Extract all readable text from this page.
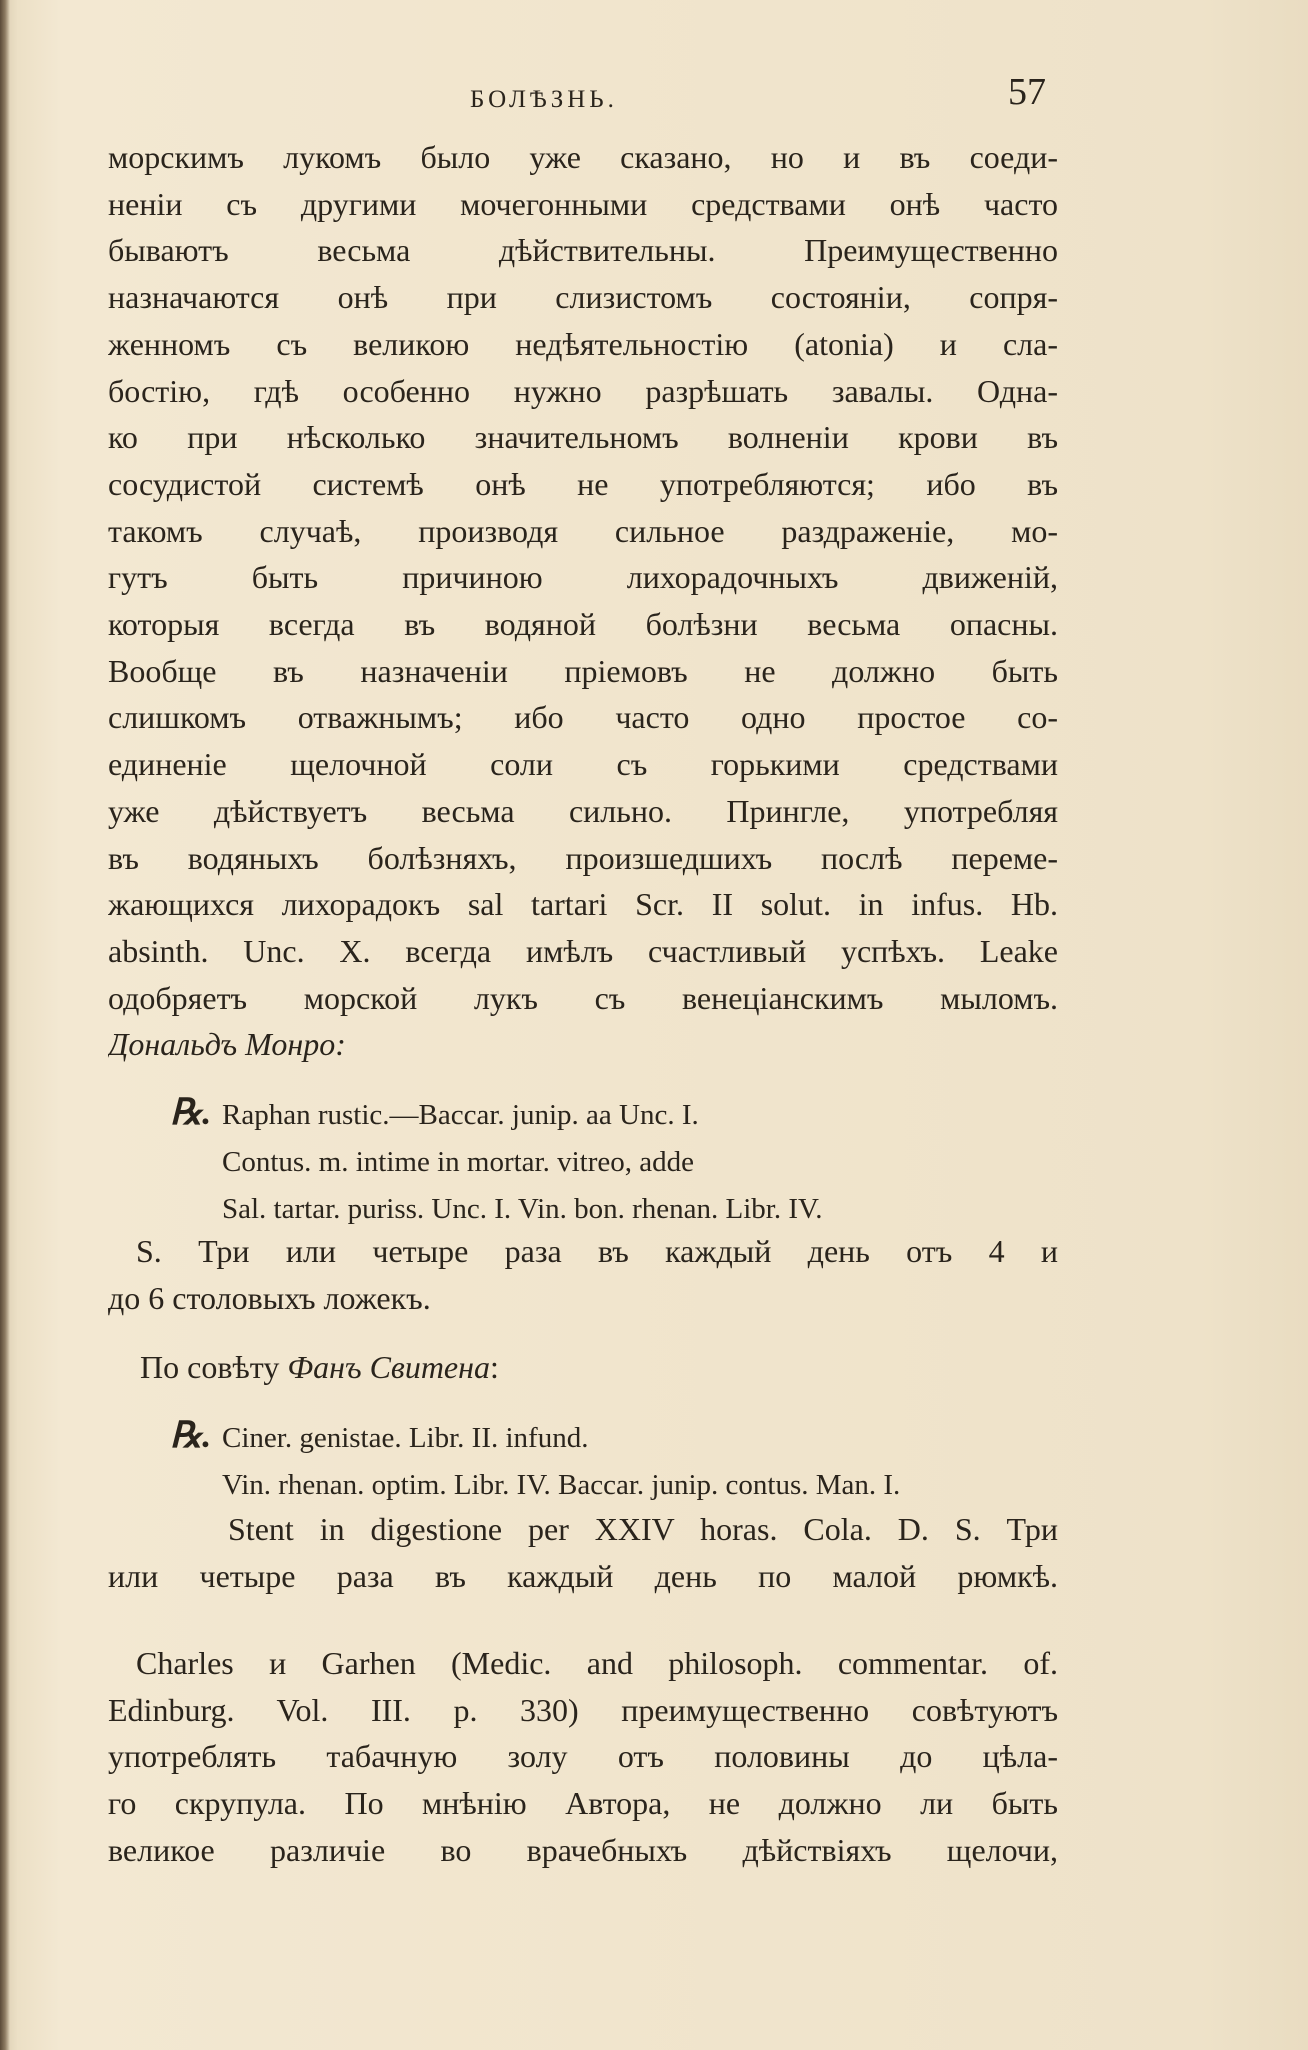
БОЛѢЗНЬ.	57
морскимъ лукомъ было уже сказано, но и въ соеди-
неніи съ другими мочегонными средствами онѣ часто
бываютъ весьма дѣйствительны. Преимущественно
назначаются онѣ при слизистомъ состояніи, сопря-
женномъ съ великою недѣятельностію (atonia) и сла-
бостію, гдѣ особенно нужно разрѣшать завалы. Одна-
ко при нѣсколько значительномъ волненіи крови въ
сосудистой системѣ онѣ не употребляются; ибо въ
такомъ случаѣ, производя сильное раздраженіе, мо-
гутъ быть причиною лихорадочныхъ движеній,
которыя всегда въ водяной болѣзни весьма опасны.
Вообще въ назначеніи пріемовъ не должно быть
слишкомъ отважнымъ; ибо часто одно простое со-
единеніе щелочной соли съ горькими средствами
уже дѣйствуетъ весьма сильно. Прингле, употребляя
въ водяныхъ болѣзняхъ, произшедшихъ послѣ переме-
жающихся лихорадокъ sal tartari Scr. II solut. in infus. Hb.
absinth. Unc. X. всегда имѣлъ счастливый успѣхъ. Leake
одобряетъ морской лукъ съ венеціанскимъ мыломъ.
Дональдъ Монро:
℞. Raphan rustic.—Baccar. junip. aa Unc. I.
Contus. m. intime in mortar. vitreo, adde
Sal. tartar. puriss. Unc. I. Vin. bon. rhenan. Libr. IV.
S. Три или четыре раза въ каждый день отъ 4 и
до 6 столовыхъ ложекъ.
По совѣту Фанъ Свитена:
℞. Ciner. genistae. Libr. II. infund.
Vin. rhenan. optim. Libr. IV. Baccar. junip. contus. Man. I.
Stent in digestione per XXIV horas. Cola. D. S. Три
или четыре раза въ каждый день по малой рюмкѣ.
Charles и Garhen (Medic. and philosoph. commentar. of.
Edinburg. Vol. III. p. 330) преимущественно совѣтуютъ
употреблять табачную золу отъ половины до цѣла-
го скрупула. По мнѣнію Автора, не должно ли быть
великое различіе во врачебныхъ дѣйствіяхъ щелочи,
